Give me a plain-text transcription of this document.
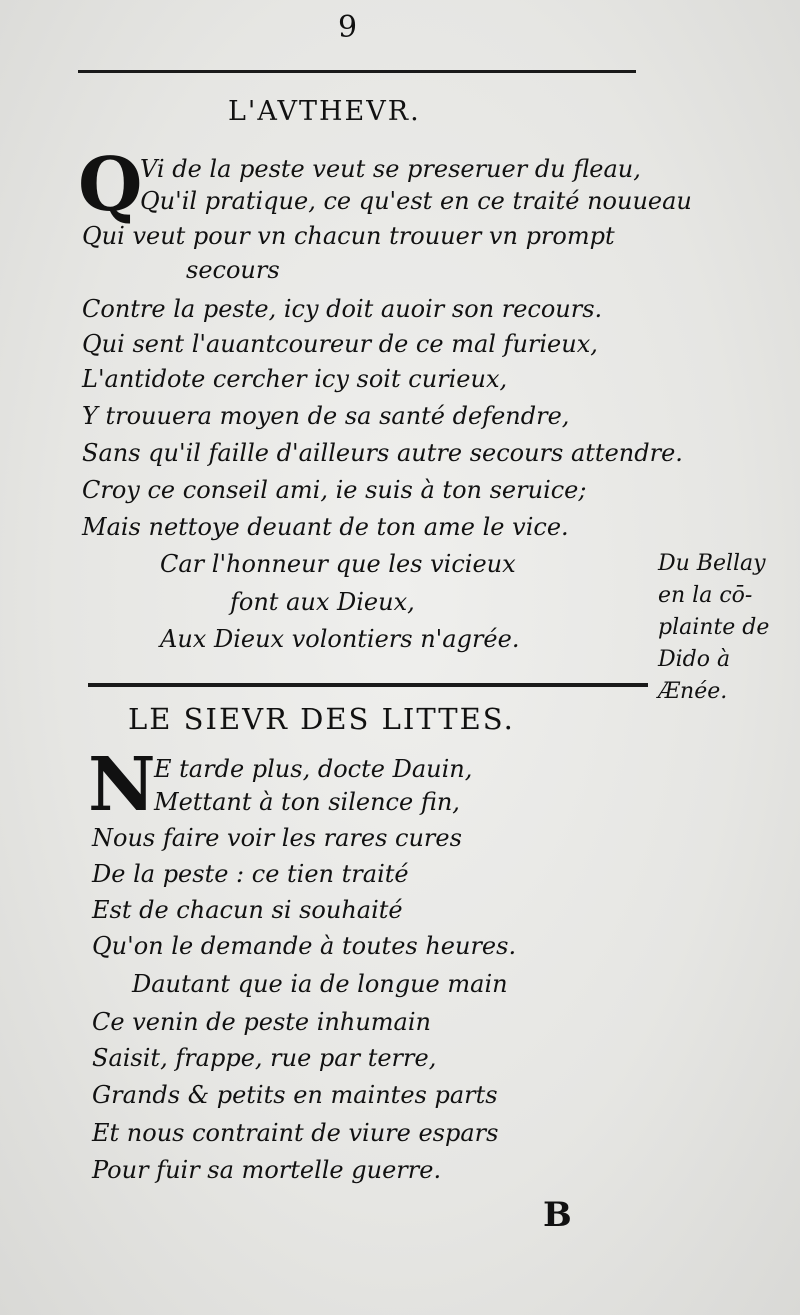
9
L'AVTHEVR.
Q
Vi de la peste veut se preseruer du fleau,
Qu'il pratique, ce qu'est en ce traité nouueau
Qui veut pour vn chacun trouuer vn prompt
secours
Contre la peste, icy doit auoir son recours.
Qui sent l'auantcoureur de ce mal furieux,
L'antidote cercher icy soit curieux,
Y trouuera moyen de sa santé defendre,
Sans qu'il faille d'ailleurs autre secours attendre.
Croy ce conseil ami, ie suis à ton seruice;
Mais nettoye deuant de ton ame le vice.
Car l'honneur que les vicieux
font aux Dieux,
Aux Dieux volontiers n'agrée.
Du Bellay
en la cō-
plainte de
Dido à
Ænée.
LE SIEVR DES LITTES.
N
E tarde plus, docte Dauin,
Mettant à ton silence fin,
Nous faire voir les rares cures
De la peste : ce tien traité
Est de chacun si souhaité
Qu'on le demande à toutes heures.
Dautant que ia de longue main
Ce venin de peste inhumain
Saisit, frappe, rue par terre,
Grands & petits en maintes parts
Et nous contraint de viure espars
Pour fuir sa mortelle guerre.
B
